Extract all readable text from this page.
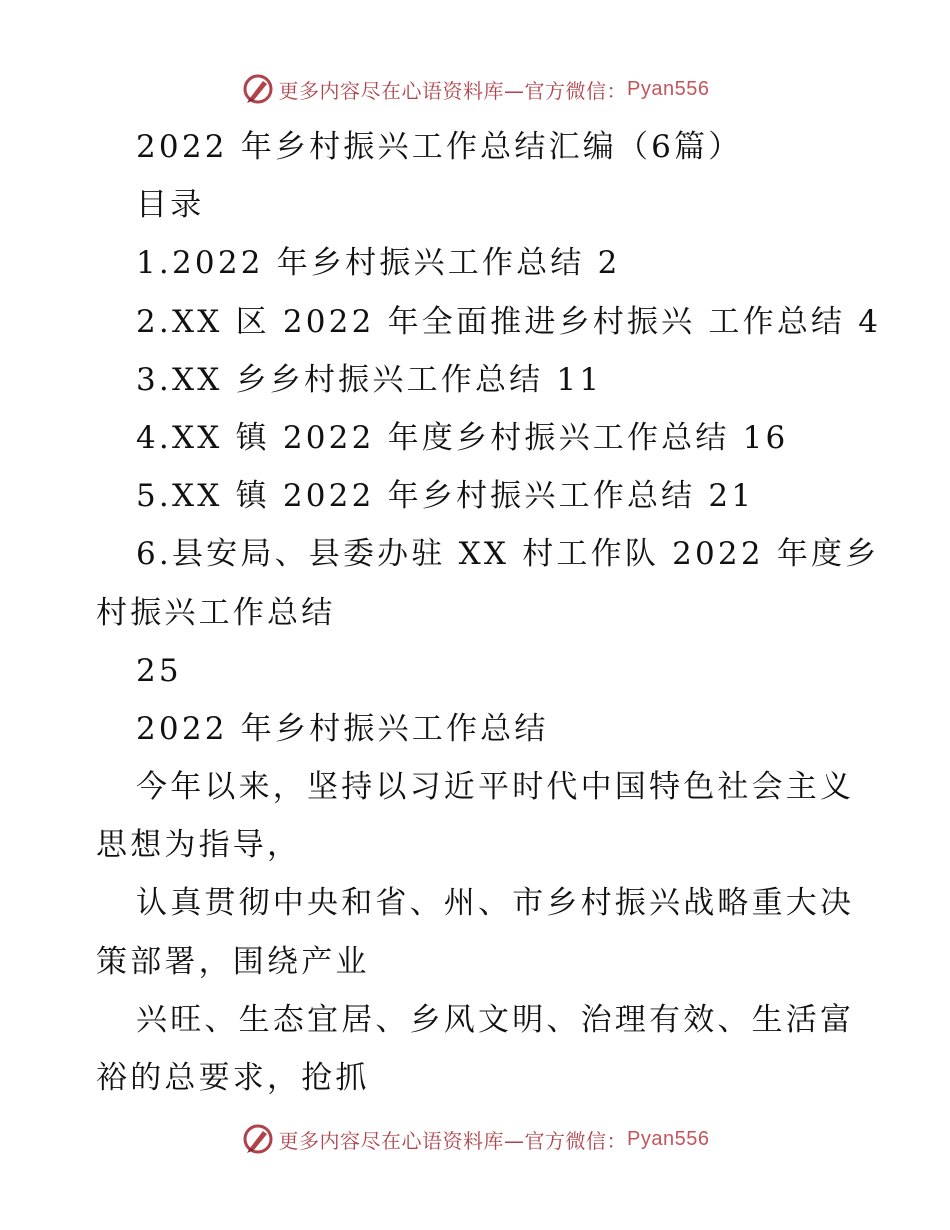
更多内容尽在心语资料库—官方微信： Pyan556
2022 年乡村振兴工作总结汇编（6篇）
目录
1.2022 年乡村振兴工作总结 2
2.XX 区 2022 年全面推进乡村振兴 工作总结 4
3.XX 乡乡村振兴工作总结 11
4.XX 镇 2022 年度乡村振兴工作总结 16
5.XX 镇 2022 年乡村振兴工作总结 21
6.县安局、县委办驻 XX 村工作队 2022 年度乡
村振兴工作总结
25
2022 年乡村振兴工作总结
今年以来，坚持以习近平时代中国特色社会主义
思想为指导，
认真贯彻中央和省、州、市乡村振兴战略重大决
策部署，围绕产业
兴旺、生态宜居、乡风文明、治理有效、生活富
裕的总要求，抢抓
更多内容尽在心语资料库—官方微信： Pyan556
